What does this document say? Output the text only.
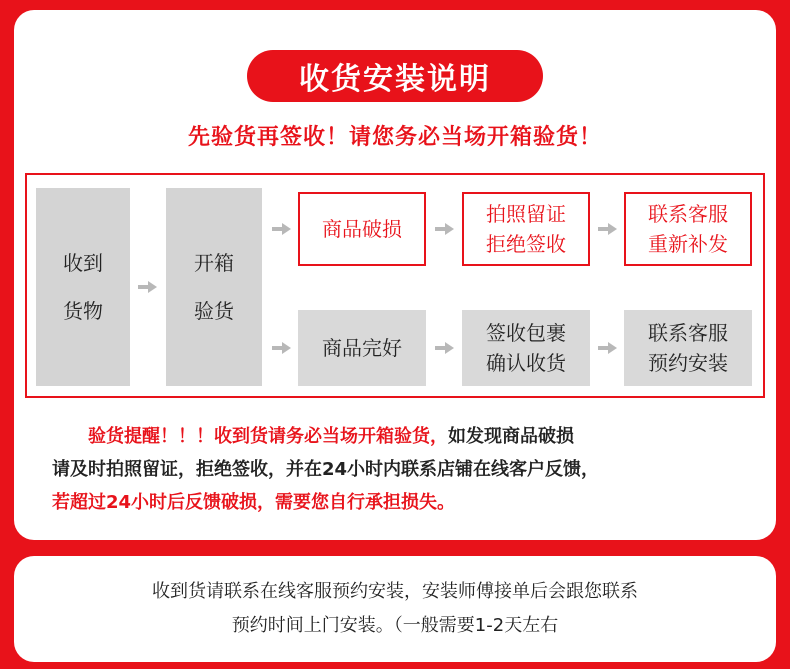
收货安装说明
先验货再签收！请您务必当场开箱验货！
收到
货物
开箱
验货
商品破损
拍照留证
拒绝签收
联系客服
重新补发
商品完好
签收包裹
确认收货
联系客服
预约安装
验货提醒！！！收到货请务必当场开箱验货，如发现商品破损
请及时拍照留证，拒绝签收，并在24小时内联系店铺在线客户反馈，
若超过24小时后反馈破损，需要您自行承担损失。
收到货请联系在线客服预约安装，安装师傅接单后会跟您联系
预约时间上门安装。（一般需要1-2天左右
